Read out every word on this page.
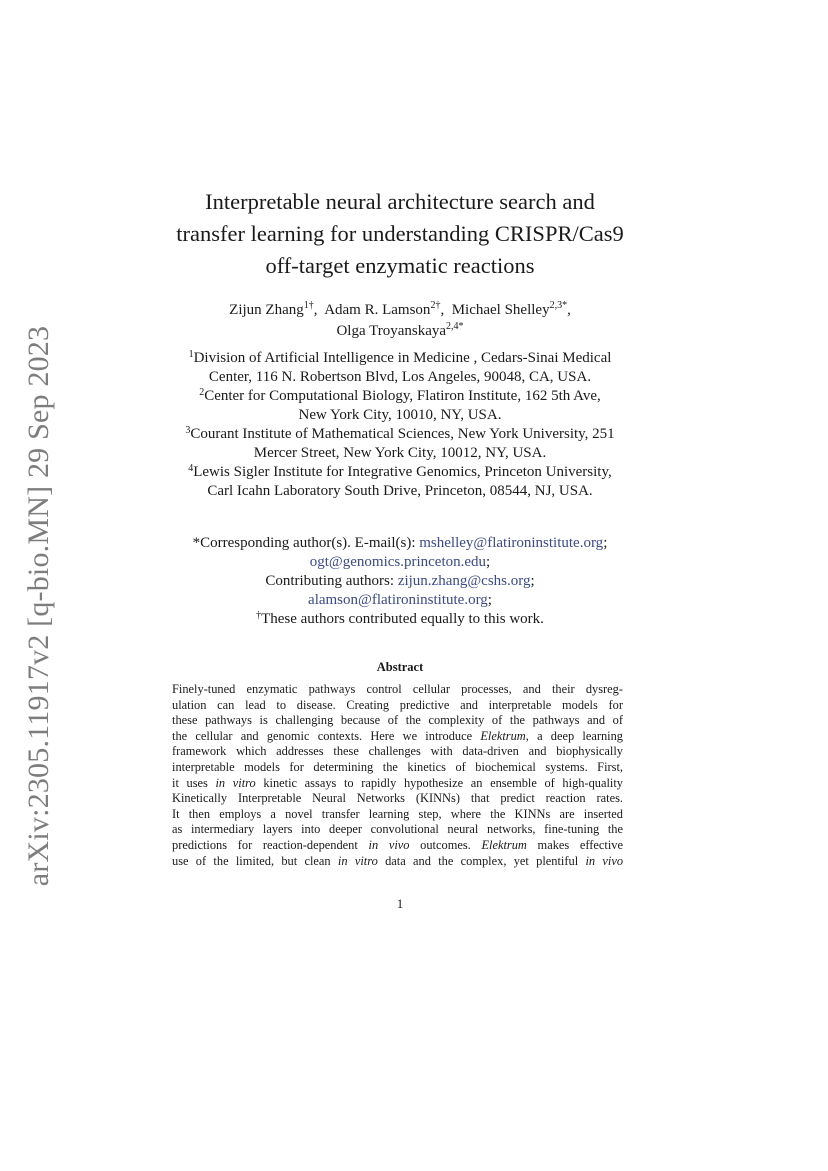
arXiv:2305.11917v2 [q-bio.MN] 29 Sep 2023
Interpretable neural architecture search and
transfer learning for understanding CRISPR/Cas9
off-target enzymatic reactions
Zijun Zhang$^{1\dagger}$,  Adam R. Lamson$^{2\dagger}$,  Michael Shelley$^{2,3*}$,
Olga Troyanskaya$^{2,4*}$
$^1$Division of Artificial Intelligence in Medicine , Cedars-Sinai Medical
Center, 116 N. Robertson Blvd, Los Angeles, 90048, CA, USA.
$^2$Center for Computational Biology, Flatiron Institute, 162 5th Ave,
New York City, 10010, NY, USA.
$^3$Courant Institute of Mathematical Sciences, New York University, 251
Mercer Street, New York City, 10012, NY, USA.
$^4$Lewis Sigler Institute for Integrative Genomics, Princeton University,
Carl Icahn Laboratory South Drive, Princeton, 08544, NJ, USA.
*Corresponding author(s). E-mail(s): mshelley@flatironinstitute.org;
ogt@genomics.princeton.edu;
Contributing authors: zijun.zhang@cshs.org;
alamson@flatironinstitute.org;
†These authors contributed equally to this work.
Abstract
Finely-tuned enzymatic pathways control cellular processes, and their dysreg-
ulation can lead to disease. Creating predictive and interpretable models for
these pathways is challenging because of the complexity of the pathways and of
the cellular and genomic contexts. Here we introduce Elektrum, a deep learning
framework which addresses these challenges with data-driven and biophysically
interpretable models for determining the kinetics of biochemical systems. First,
it uses in vitro kinetic assays to rapidly hypothesize an ensemble of high-quality
Kinetically Interpretable Neural Networks (KINNs) that predict reaction rates.
It then employs a novel transfer learning step, where the KINNs are inserted
as intermediary layers into deeper convolutional neural networks, fine-tuning the
predictions for reaction-dependent in vivo outcomes. Elektrum makes effective
use of the limited, but clean in vitro data and the complex, yet plentiful in vivo
1
